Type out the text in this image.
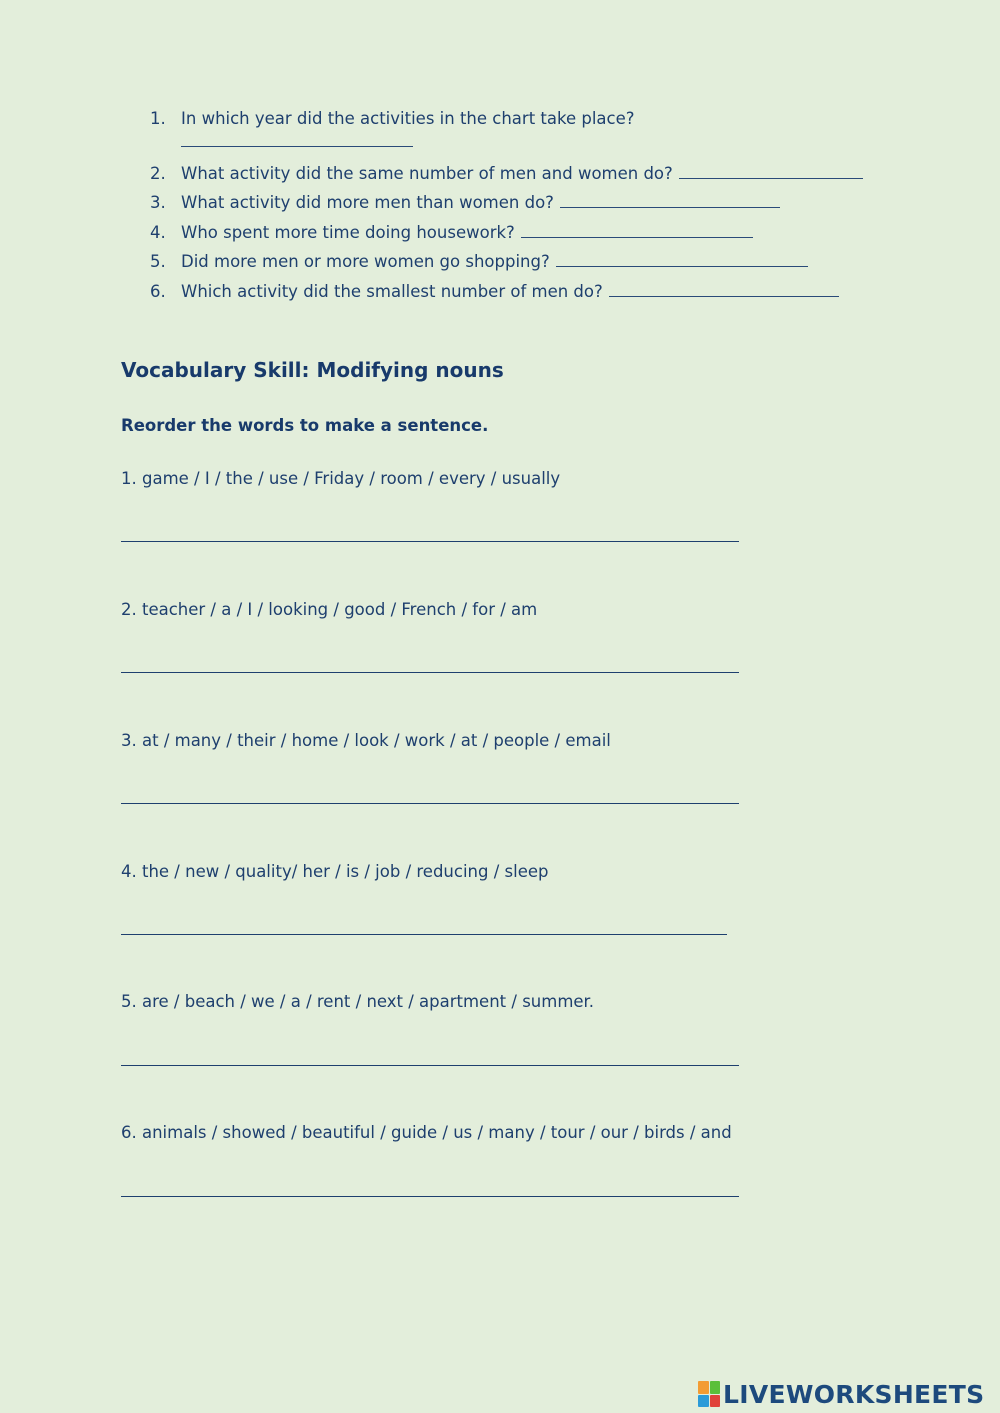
1. In which year did the activities in the chart take place?
2. What activity did the same number of men and women do?
3. What activity did more men than women do?
4. Who spent more time doing housework?
5. Did more men or more women go shopping?
6. Which activity did the smallest number of men do?
Vocabulary Skill: Modifying nouns
Reorder the words to make a sentence.
1. game / I / the / use / Friday / room / every / usually
2. teacher / a / I / looking / good / French / for / am
3. at / many / their / home / look / work / at / people / email
4. the / new / quality/ her / is / job / reducing / sleep
5. are / beach / we / a / rent / next / apartment / summer.
6. animals / showed / beautiful / guide / us / many / tour / our / birds / and
LIVEWORKSHEETS
